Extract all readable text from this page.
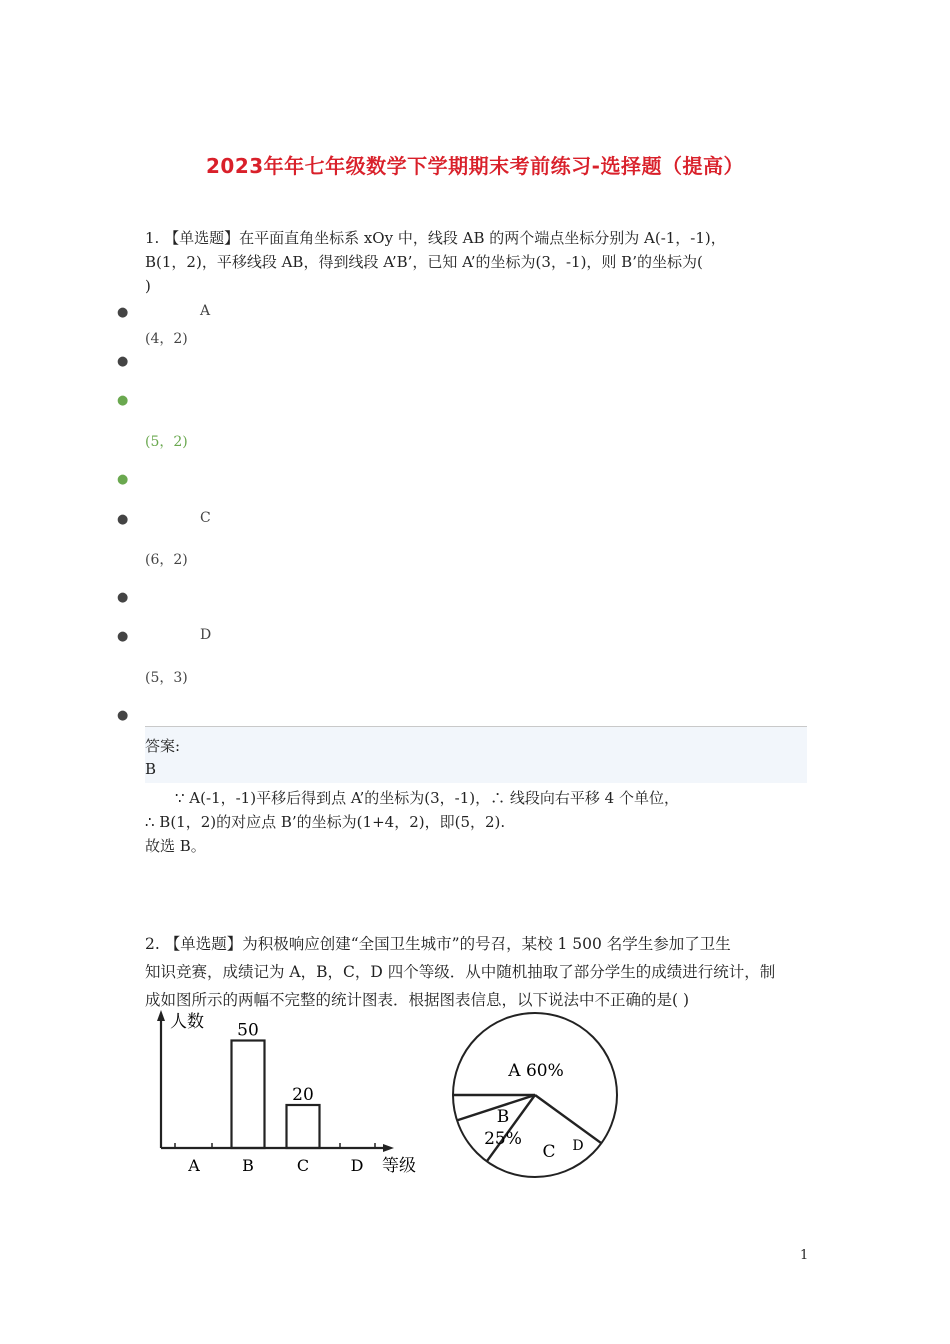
2023年年七年级数学下学期期末考前练习-选择题（提高）
1. 【单选题】在平面直角坐标系 xOy 中，线段 AB 的两个端点坐标分别为 A(-1，-1)，
B(1，2)，平移线段 AB，得到线段 A’B’，已知 A’的坐标为(3，-1)，则 B’的坐标为(
)
●	A
(4，2)
●
●
(5，2)
●
●	C
(6，2)
●
●	D
(5，3)
●
答案:
B
∵ A(-1，-1)平移后得到点 A’的坐标为(3，-1)，∴ 线段向右平移 4 个单位，
∴ B(1，2)的对应点 B’的坐标为(1+4，2)，即(5，2).
故选 B。
2. 【单选题】为积极响应创建“全国卫生城市”的号召，某校 1 500 名学生参加了卫生
知识竞赛，成绩记为 A，B，C，D 四个等级．从中随机抽取了部分学生的成绩进行统计，制
成如图所示的两幅不完整的统计图表．根据图表信息，以下说法中不正确的是( )
人数
等级
50
20
A	B	C	D
A 60%
B
25%
C D
1
